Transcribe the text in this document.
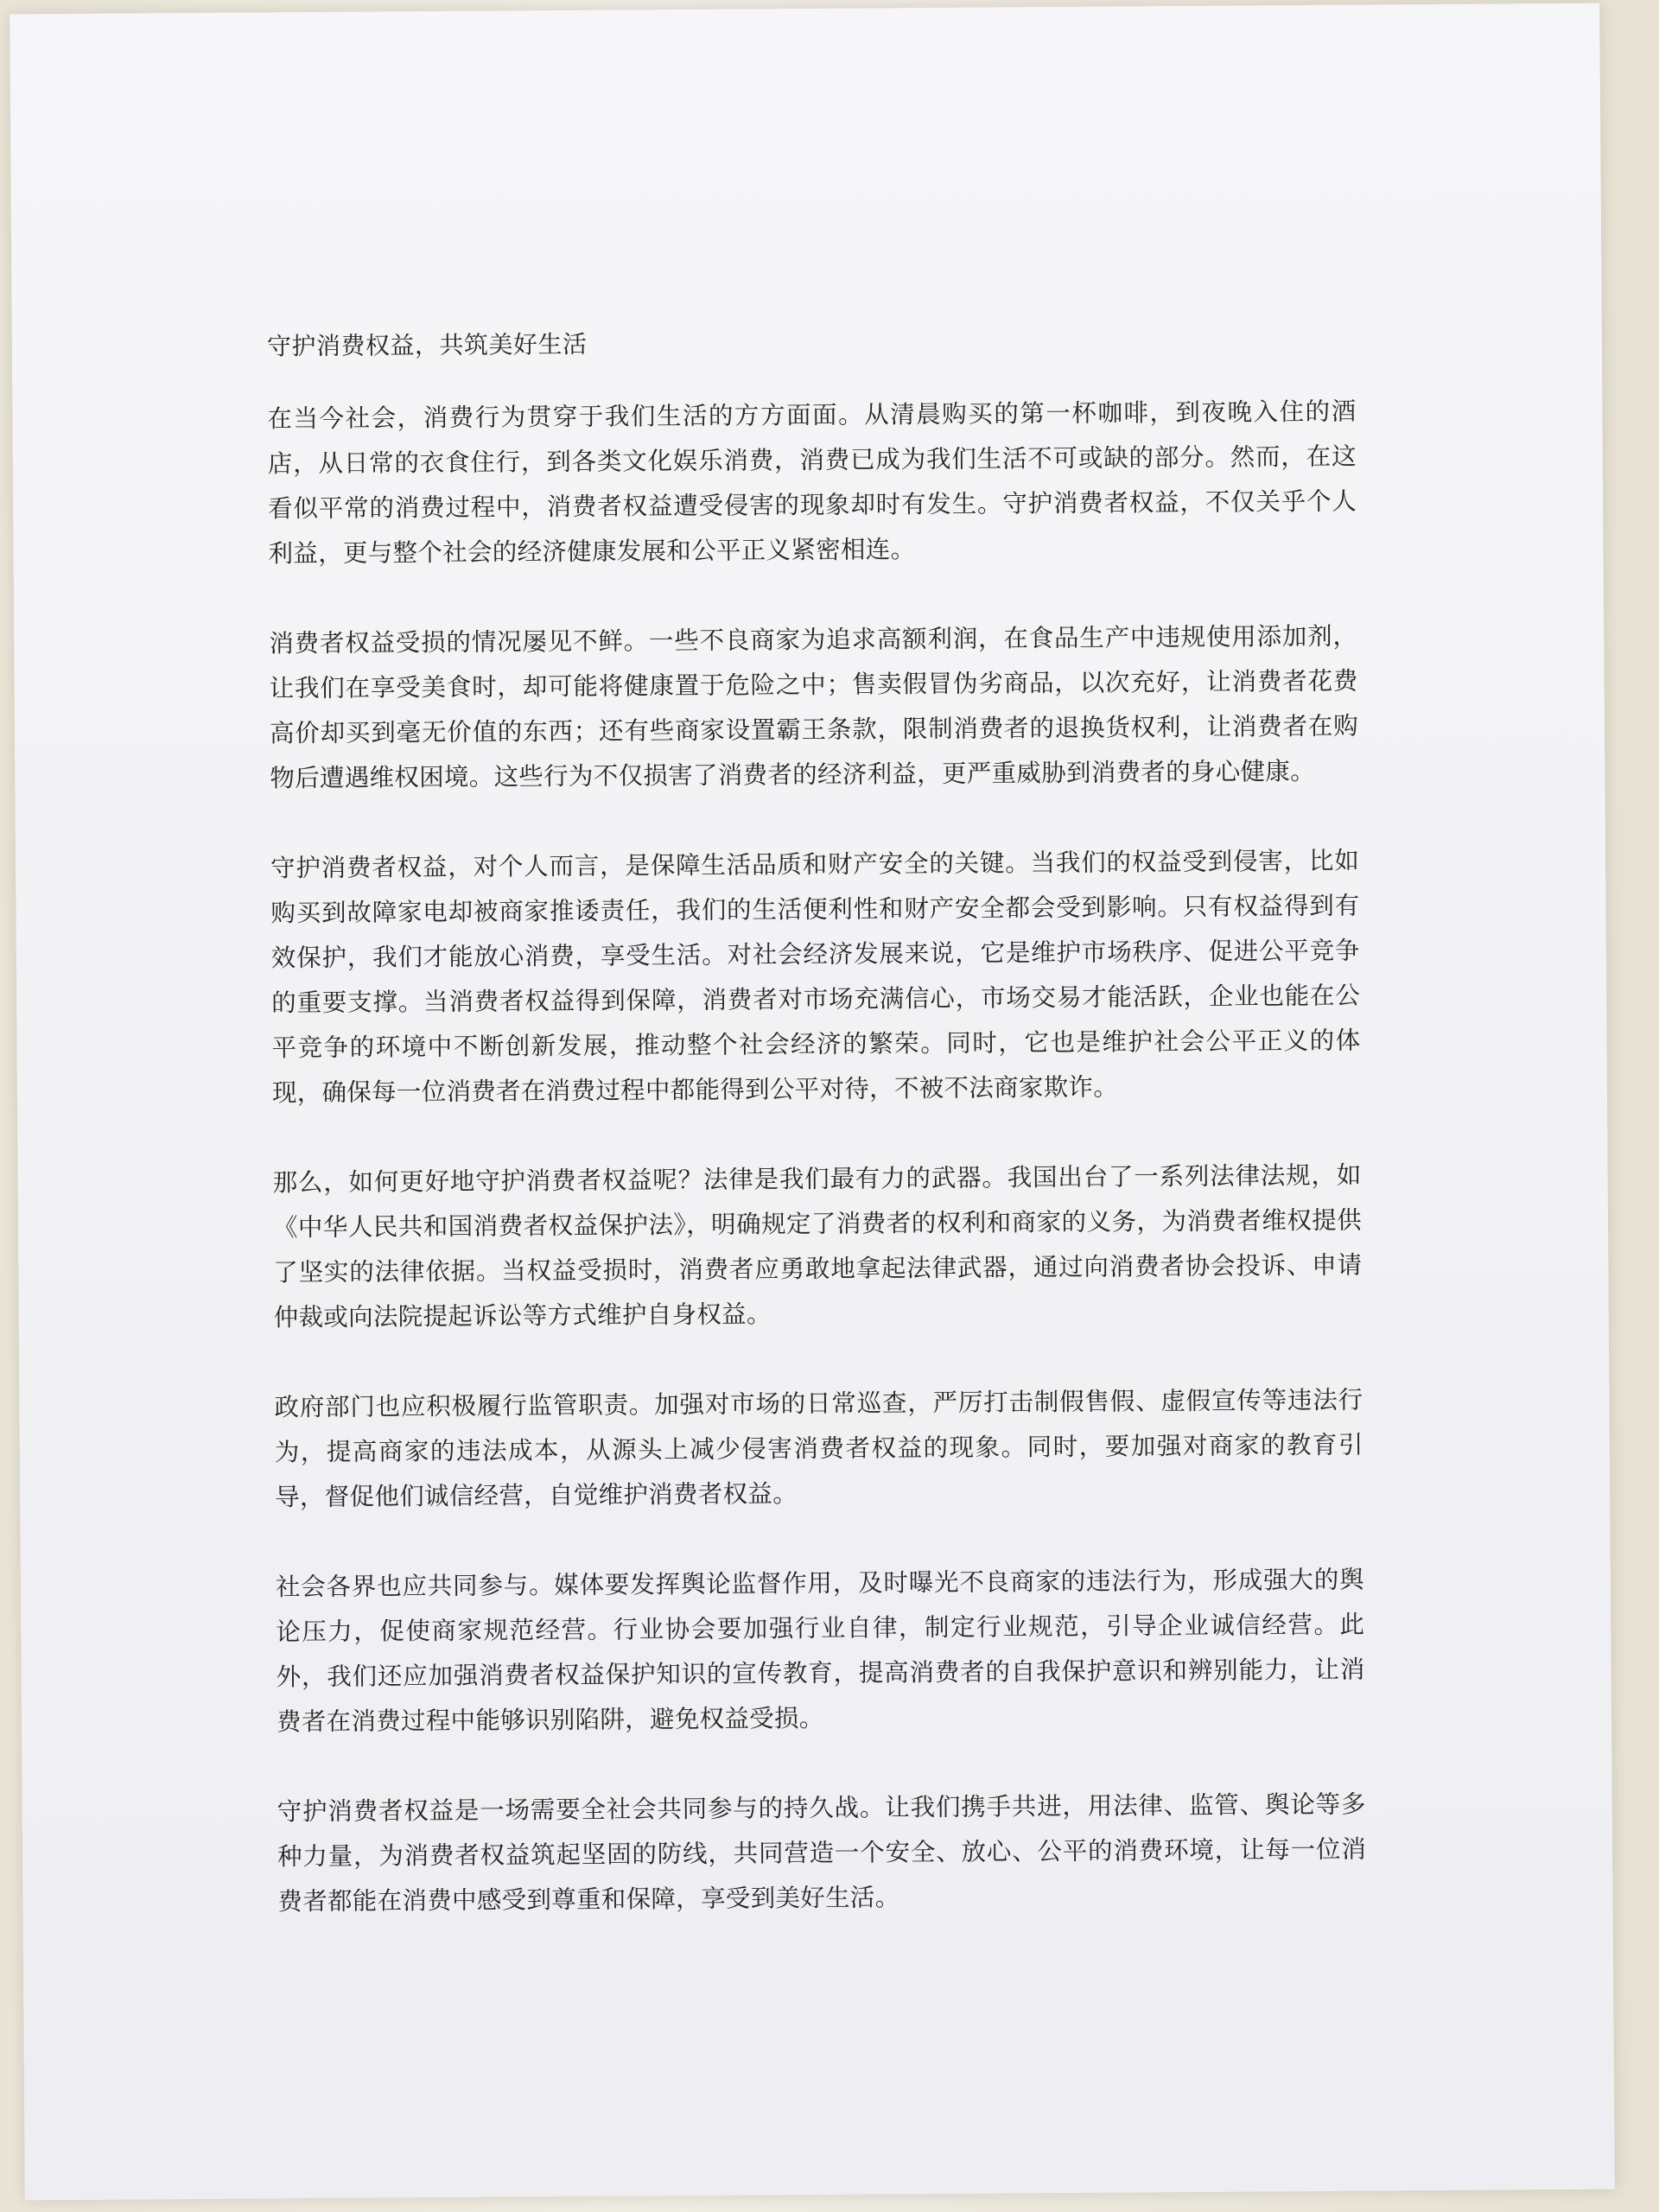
守护消费权益，共筑美好生活

在当今社会，消费行为贯穿于我们生活的方方面面。从清晨购买的第一杯咖啡，到夜晚入住的酒店，从日常的衣食住行，到各类文化娱乐消费，消费已成为我们生活不可或缺的部分。然而，在这看似平常的消费过程中，消费者权益遭受侵害的现象却时有发生。守护消费者权益，不仅关乎个人利益，更与整个社会的经济健康发展和公平正义紧密相连。

消费者权益受损的情况屡见不鲜。一些不良商家为追求高额利润，在食品生产中违规使用添加剂，让我们在享受美食时，却可能将健康置于危险之中；售卖假冒伪劣商品，以次充好，让消费者花费高价却买到毫无价值的东西；还有些商家设置霸王条款，限制消费者的退换货权利，让消费者在购物后遭遇维权困境。这些行为不仅损害了消费者的经济利益，更严重威胁到消费者的身心健康。

守护消费者权益，对个人而言，是保障生活品质和财产安全的关键。当我们的权益受到侵害，比如购买到故障家电却被商家推诿责任，我们的生活便利性和财产安全都会受到影响。只有权益得到有效保护，我们才能放心消费，享受生活。对社会经济发展来说，它是维护市场秩序、促进公平竞争的重要支撑。当消费者权益得到保障，消费者对市场充满信心，市场交易才能活跃，企业也能在公平竞争的环境中不断创新发展，推动整个社会经济的繁荣。同时，它也是维护社会公平正义的体现，确保每一位消费者在消费过程中都能得到公平对待，不被不法商家欺诈。

那么，如何更好地守护消费者权益呢？法律是我们最有力的武器。我国出台了一系列法律法规，如《中华人民共和国消费者权益保护法》，明确规定了消费者的权利和商家的义务，为消费者维权提供了坚实的法律依据。当权益受损时，消费者应勇敢地拿起法律武器，通过向消费者协会投诉、申请仲裁或向法院提起诉讼等方式维护自身权益。

政府部门也应积极履行监管职责。加强对市场的日常巡查，严厉打击制假售假、虚假宣传等违法行为，提高商家的违法成本，从源头上减少侵害消费者权益的现象。同时，要加强对商家的教育引导，督促他们诚信经营，自觉维护消费者权益。

社会各界也应共同参与。媒体要发挥舆论监督作用，及时曝光不良商家的违法行为，形成强大的舆论压力，促使商家规范经营。行业协会要加强行业自律，制定行业规范，引导企业诚信经营。此外，我们还应加强消费者权益保护知识的宣传教育，提高消费者的自我保护意识和辨别能力，让消费者在消费过程中能够识别陷阱，避免权益受损。

守护消费者权益是一场需要全社会共同参与的持久战。让我们携手共进，用法律、监管、舆论等多种力量，为消费者权益筑起坚固的防线，共同营造一个安全、放心、公平的消费环境，让每一位消费者都能在消费中感受到尊重和保障，享受到美好生活。
